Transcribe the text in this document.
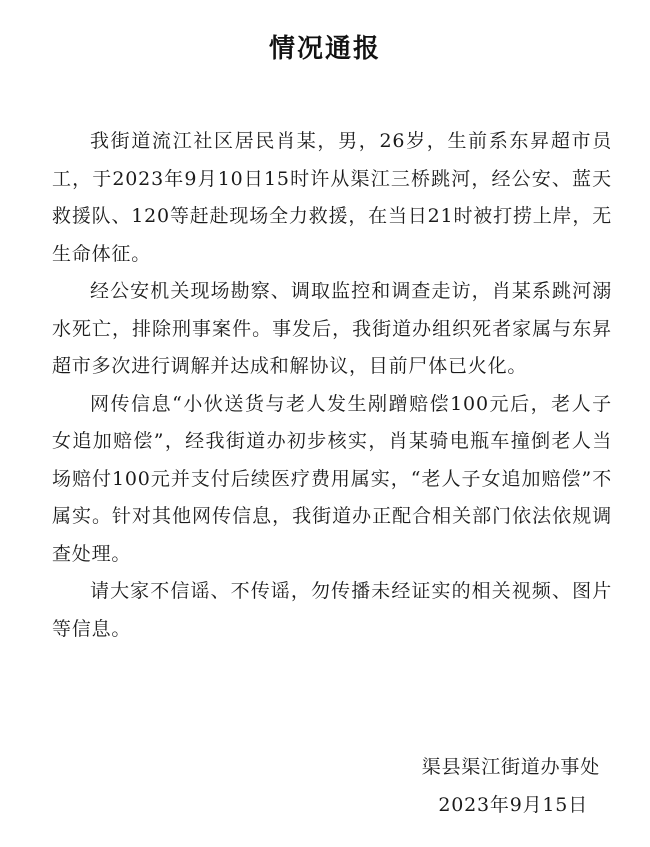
情况通报

我街道流江社区居民肖某，男，26岁，生前系东昇超市员工，于2023年9月10日15时许从渠江三桥跳河，经公安、蓝天救援队、120等赶赴现场全力救援，在当日21时被打捞上岸，无生命体征。

经公安机关现场勘察、调取监控和调查走访，肖某系跳河溺水死亡，排除刑事案件。事发后，我街道办组织死者家属与东昇超市多次进行调解并达成和解协议，目前尸体已火化。

网传信息“小伙送货与老人发生剐蹭赔偿100元后，老人子女追加赔偿”，经我街道办初步核实，肖某骑电瓶车撞倒老人当场赔付100元并支付后续医疗费用属实，“老人子女追加赔偿”不属实。针对其他网传信息，我街道办正配合相关部门依法依规调查处理。

请大家不信谣、不传谣，勿传播未经证实的相关视频、图片等信息。

渠县渠江街道办事处
2023年9月15日
